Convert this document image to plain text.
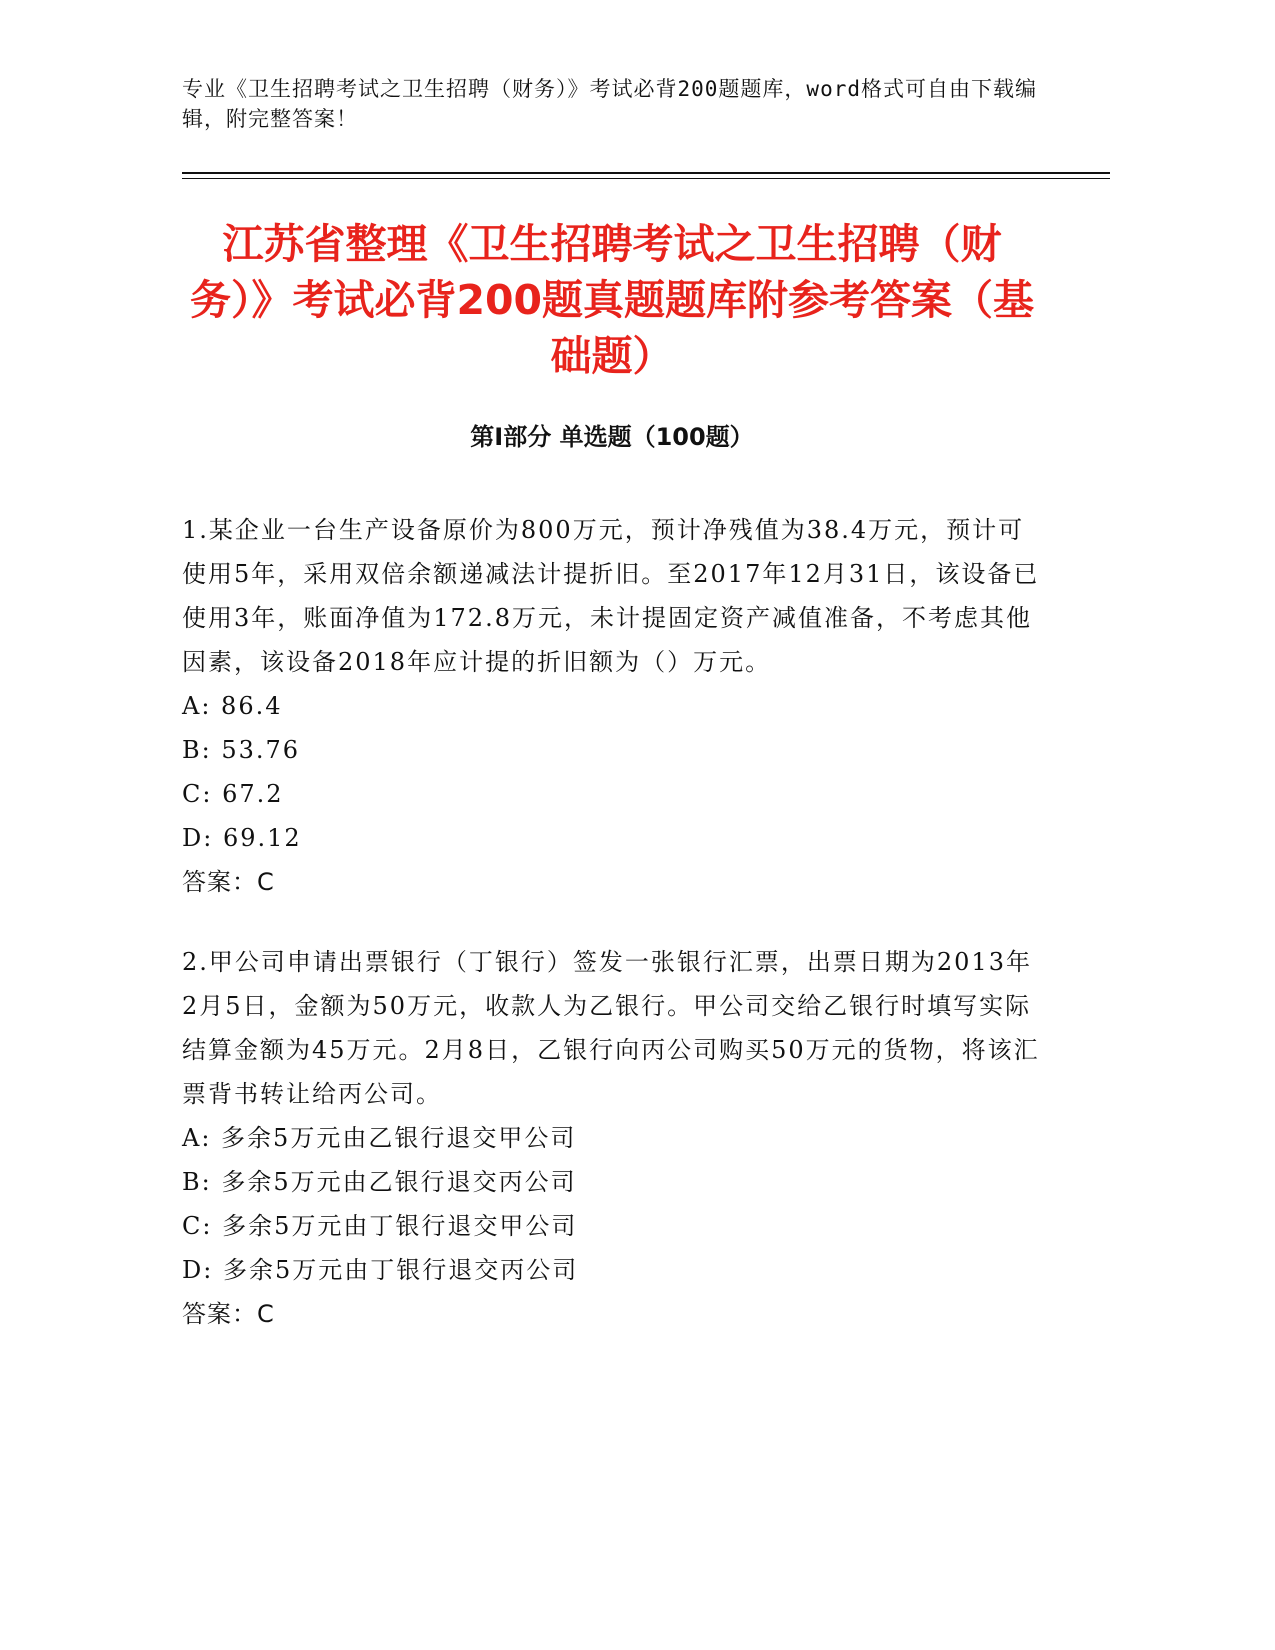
专业《卫生招聘考试之卫生招聘（财务）》考试必背200题题库，word格式可自由下载编辑，附完整答案！
江苏省整理《卫生招聘考试之卫生招聘（财务）》考试必背200题真题题库附参考答案（基础题）
第Ⅰ部分 单选题（100题）

1.某企业一台生产设备原价为800万元，预计净残值为38.4万元，预计可使用5年，采用双倍余额递减法计提折旧。至2017年12月31日，该设备已使用3年，账面净值为172.8万元，未计提固定资产减值准备，不考虑其他因素，该设备2018年应计提的折旧额为（）万元。

A: 86.4

B: 53.76

C: 67.2

D: 69.12

答案：C

2.甲公司申请出票银行（丁银行）签发一张银行汇票，出票日期为2013年2月5日，金额为50万元，收款人为乙银行。甲公司交给乙银行时填写实际结算金额为45万元。2月8日，乙银行向丙公司购买50万元的货物，将该汇票背书转让给丙公司。

A: 多余5万元由乙银行退交甲公司

B: 多余5万元由乙银行退交丙公司

C: 多余5万元由丁银行退交甲公司

D: 多余5万元由丁银行退交丙公司

答案：C
